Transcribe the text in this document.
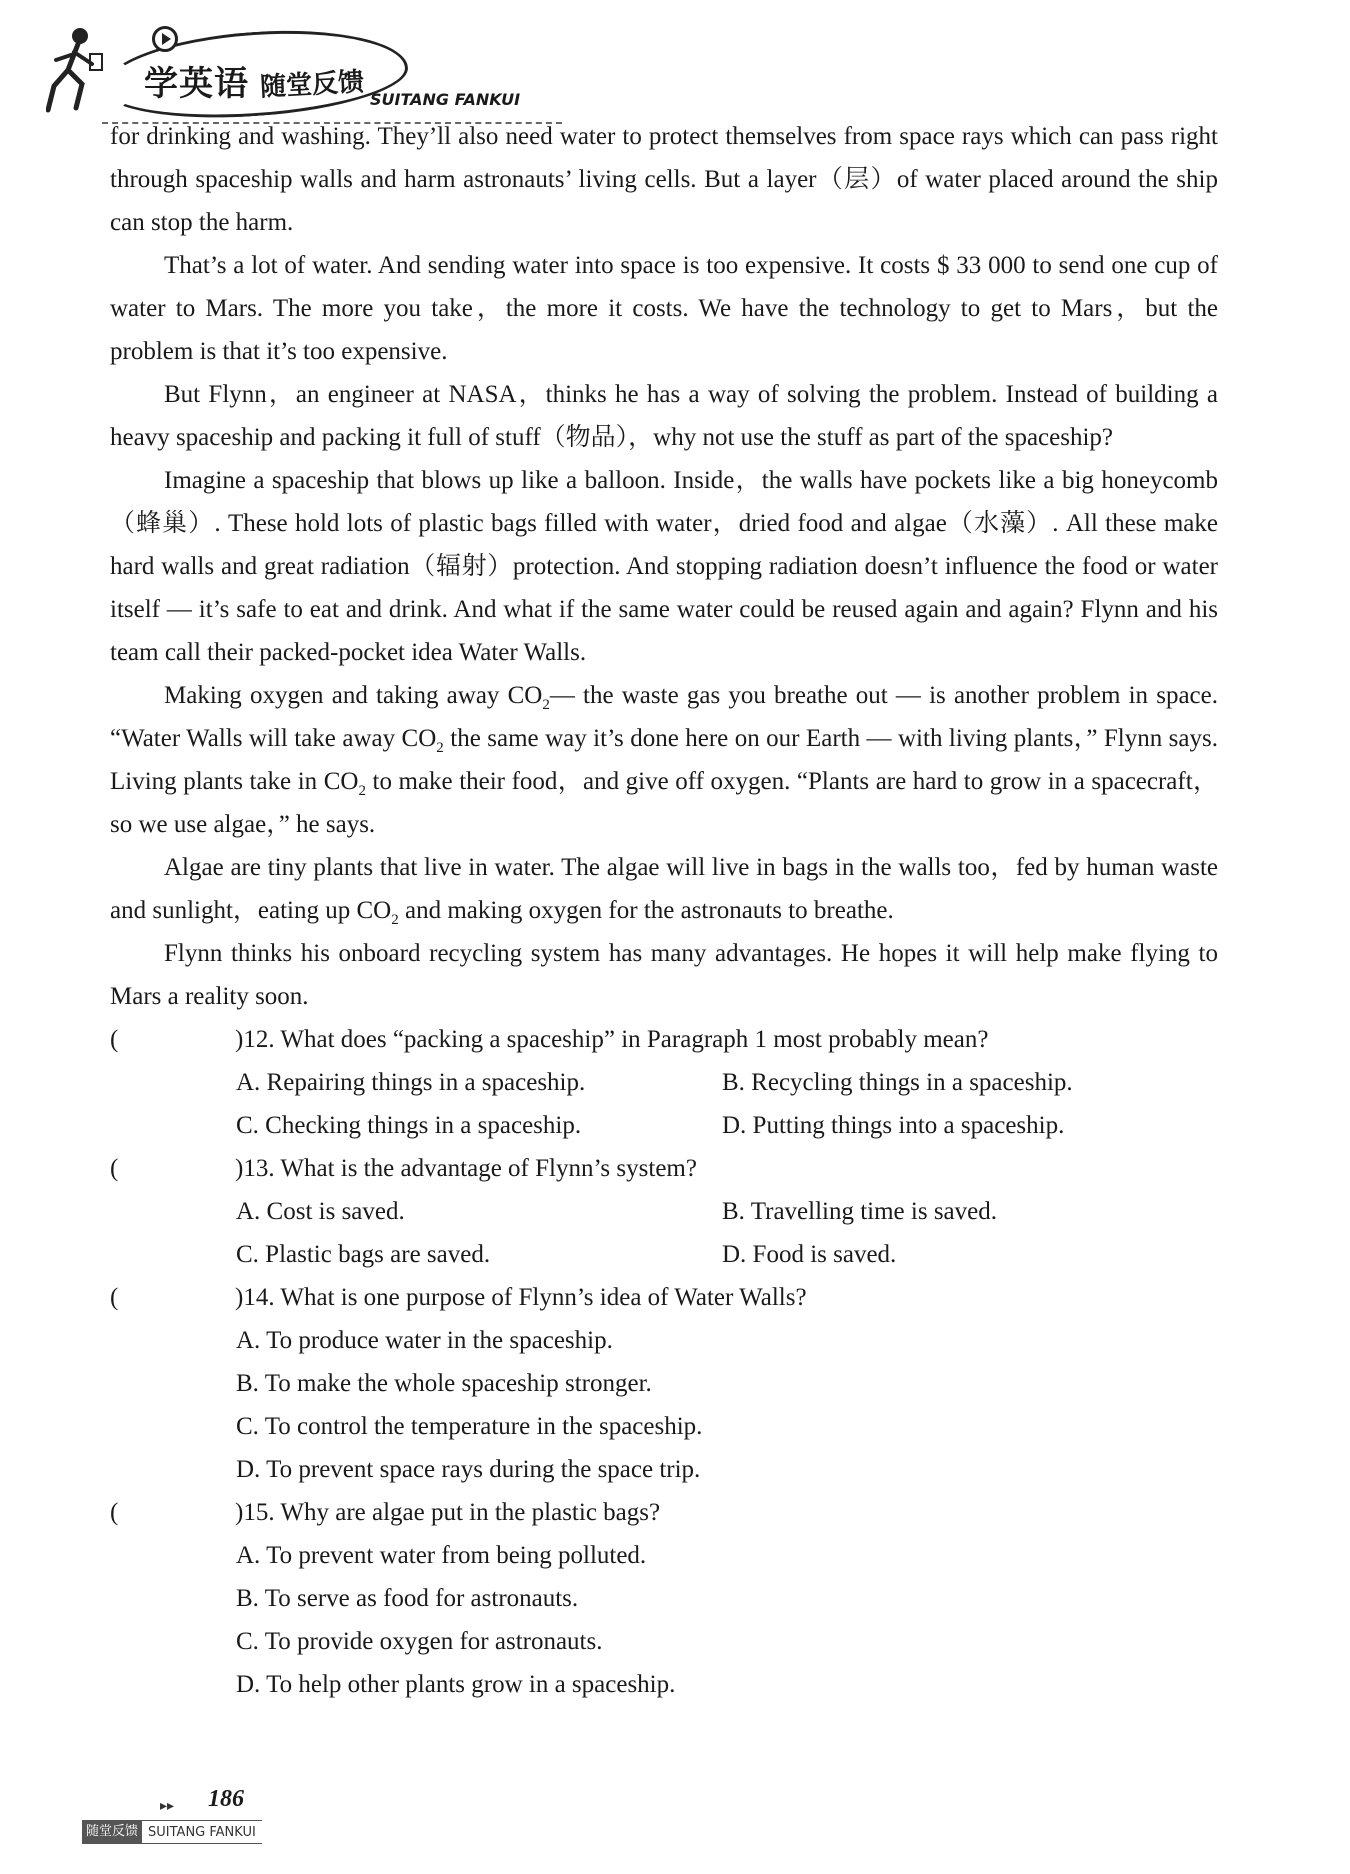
学英语 随堂反馈 SUITANG FANKUI

for drinking and washing. They’ll also need water to protect themselves from space rays which can pass right through spaceship walls and harm astronauts’ living cells. But a layer（层）of water placed around the ship can stop the harm.

That’s a lot of water. And sending water into space is too expensive. It costs $ 33 000 to send one cup of water to Mars. The more you take，the more it costs. We have the technology to get to Mars，but the problem is that it’s too expensive.

But Flynn，an engineer at NASA，thinks he has a way of solving the problem. Instead of building a heavy spaceship and packing it full of stuff（物品），why not use the stuff as part of the spaceship?

Imagine a spaceship that blows up like a balloon. Inside，the walls have pockets like a big honeycomb（蜂巢）. These hold lots of plastic bags filled with water，dried food and algae（水藻）. All these make hard walls and great radiation（辐射）protection. And stopping radiation doesn’t influence the food or water itself — it’s safe to eat and drink. And what if the same water could be reused again and again? Flynn and his team call their packed-pocket idea Water Walls.

Making oxygen and taking away $CO_2—$ the waste gas you breathe out — is another problem in space. “Water Walls will take away $CO_2$ the same way it’s done here on our Earth — with living plants，” Flynn says. Living plants take in $CO_2$ to make their food，and give off oxygen. “Plants are hard to grow in a spacecraft，so we use algae，” he says.

Algae are tiny plants that live in water. The algae will live in bags in the walls too，fed by human waste and sunlight，eating up $CO_2$ and making oxygen for the astronauts to breathe.

Flynn thinks his onboard recycling system has many advantages. He hopes it will help make flying to Mars a reality soon.

(	)12. What does “packing a spaceship” in Paragraph 1 most probably mean?
A. Repairing things in a spaceship.	B. Recycling things in a spaceship.
C. Checking things in a spaceship.	D. Putting things into a spaceship.
(	)13. What is the advantage of Flynn’s system?
A. Cost is saved.	B. Travelling time is saved.
C. Plastic bags are saved.	D. Food is saved.
(	)14. What is one purpose of Flynn’s idea of Water Walls?
A. To produce water in the spaceship.
B. To make the whole spaceship stronger.
C. To control the temperature in the spaceship.
D. To prevent space rays during the space trip.
(	)15. Why are algae put in the plastic bags?
A. To prevent water from being polluted.
B. To serve as food for astronauts.
C. To provide oxygen for astronauts.
D. To help other plants grow in a spaceship.
▸▸ 186
随堂反馈 SUITANG FANKUI
